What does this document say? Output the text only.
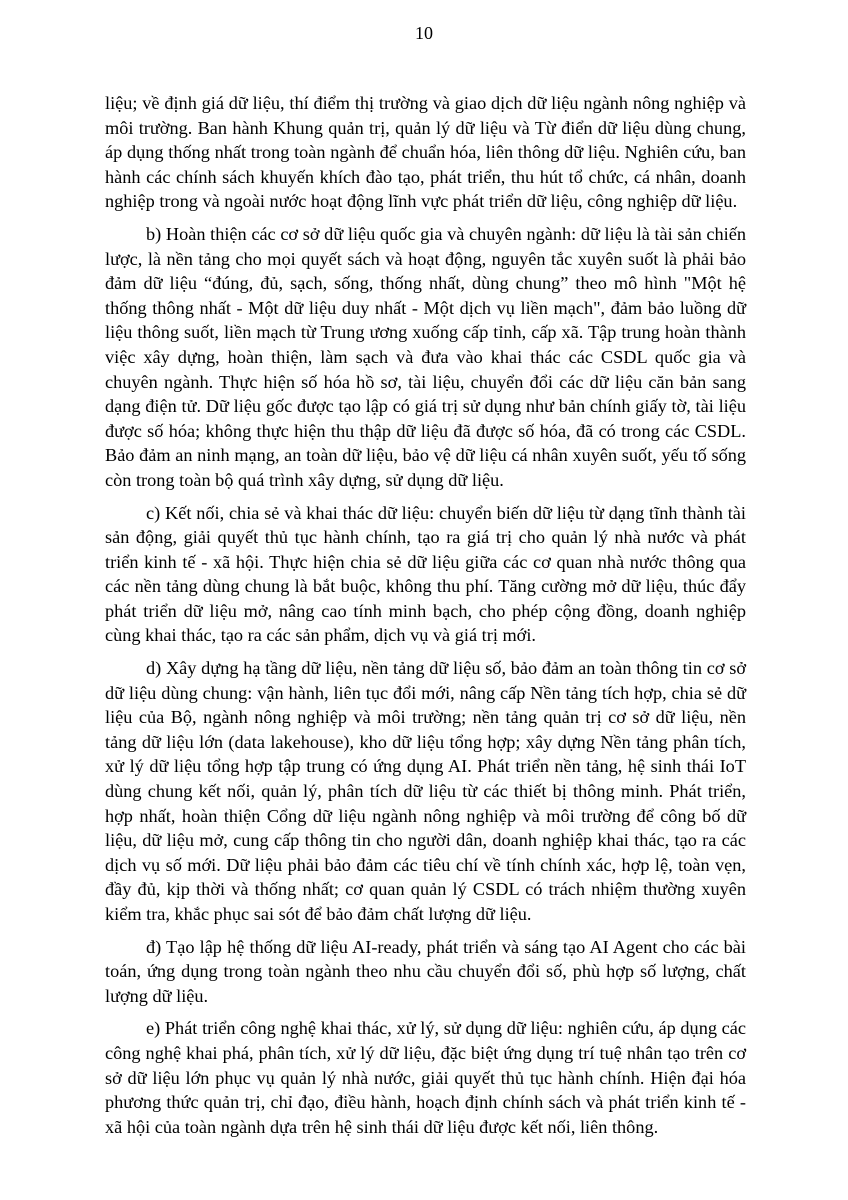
10

liệu; về định giá dữ liệu, thí điểm thị trường và giao dịch dữ liệu ngành nông nghiệp và môi trường. Ban hành Khung quản trị, quản lý dữ liệu và Từ điển dữ liệu dùng chung, áp dụng thống nhất trong toàn ngành để chuẩn hóa, liên thông dữ liệu. Nghiên cứu, ban hành các chính sách khuyến khích đào tạo, phát triển, thu hút tổ chức, cá nhân, doanh nghiệp trong và ngoài nước hoạt động lĩnh vực phát triển dữ liệu, công nghiệp dữ liệu.

b) Hoàn thiện các cơ sở dữ liệu quốc gia và chuyên ngành: dữ liệu là tài sản chiến lược, là nền tảng cho mọi quyết sách và hoạt động, nguyên tắc xuyên suốt là phải bảo đảm dữ liệu “đúng, đủ, sạch, sống, thống nhất, dùng chung” theo mô hình "Một hệ thống thông nhất - Một dữ liệu duy nhất - Một dịch vụ liền mạch", đảm bảo luồng dữ liệu thông suốt, liền mạch từ Trung ương xuống cấp tỉnh, cấp xã. Tập trung hoàn thành việc xây dựng, hoàn thiện, làm sạch và đưa vào khai thác các CSDL quốc gia và chuyên ngành. Thực hiện số hóa hồ sơ, tài liệu, chuyển đổi các dữ liệu căn bản sang dạng điện tử. Dữ liệu gốc được tạo lập có giá trị sử dụng như bản chính giấy tờ, tài liệu được số hóa; không thực hiện thu thập dữ liệu đã được số hóa, đã có trong các CSDL. Bảo đảm an ninh mạng, an toàn dữ liệu, bảo vệ dữ liệu cá nhân xuyên suốt, yếu tố sống còn trong toàn bộ quá trình xây dựng, sử dụng dữ liệu.

c) Kết nối, chia sẻ và khai thác dữ liệu: chuyển biến dữ liệu từ dạng tĩnh thành tài sản động, giải quyết thủ tục hành chính, tạo ra giá trị cho quản lý nhà nước và phát triển kinh tế - xã hội. Thực hiện chia sẻ dữ liệu giữa các cơ quan nhà nước thông qua các nền tảng dùng chung là bắt buộc, không thu phí. Tăng cường mở dữ liệu, thúc đẩy phát triển dữ liệu mở, nâng cao tính minh bạch, cho phép cộng đồng, doanh nghiệp cùng khai thác, tạo ra các sản phẩm, dịch vụ và giá trị mới.

d) Xây dựng hạ tầng dữ liệu, nền tảng dữ liệu số, bảo đảm an toàn thông tin cơ sở dữ liệu dùng chung: vận hành, liên tục đổi mới, nâng cấp Nền tảng tích hợp, chia sẻ dữ liệu của Bộ, ngành nông nghiệp và môi trường; nền tảng quản trị cơ sở dữ liệu, nền tảng dữ liệu lớn (data lakehouse), kho dữ liệu tổng hợp; xây dựng Nền tảng phân tích, xử lý dữ liệu tổng hợp tập trung có ứng dụng AI. Phát triển nền tảng, hệ sinh thái IoT dùng chung kết nối, quản lý, phân tích dữ liệu từ các thiết bị thông minh. Phát triển, hợp nhất, hoàn thiện Cổng dữ liệu ngành nông nghiệp và môi trường để công bố dữ liệu, dữ liệu mở, cung cấp thông tin cho người dân, doanh nghiệp khai thác, tạo ra các dịch vụ số mới. Dữ liệu phải bảo đảm các tiêu chí về tính chính xác, hợp lệ, toàn vẹn, đầy đủ, kịp thời và thống nhất; cơ quan quản lý CSDL có trách nhiệm thường xuyên kiểm tra, khắc phục sai sót để bảo đảm chất lượng dữ liệu.

đ) Tạo lập hệ thống dữ liệu AI-ready, phát triển và sáng tạo AI Agent cho các bài toán, ứng dụng trong toàn ngành theo nhu cầu chuyển đổi số, phù hợp số lượng, chất lượng dữ liệu.

e) Phát triển công nghệ khai thác, xử lý, sử dụng dữ liệu: nghiên cứu, áp dụng các công nghệ khai phá, phân tích, xử lý dữ liệu, đặc biệt ứng dụng trí tuệ nhân tạo trên cơ sở dữ liệu lớn phục vụ quản lý nhà nước, giải quyết thủ tục hành chính. Hiện đại hóa phương thức quản trị, chỉ đạo, điều hành, hoạch định chính sách và phát triển kinh tế - xã hội của toàn ngành dựa trên hệ sinh thái dữ liệu được kết nối, liên thông.
